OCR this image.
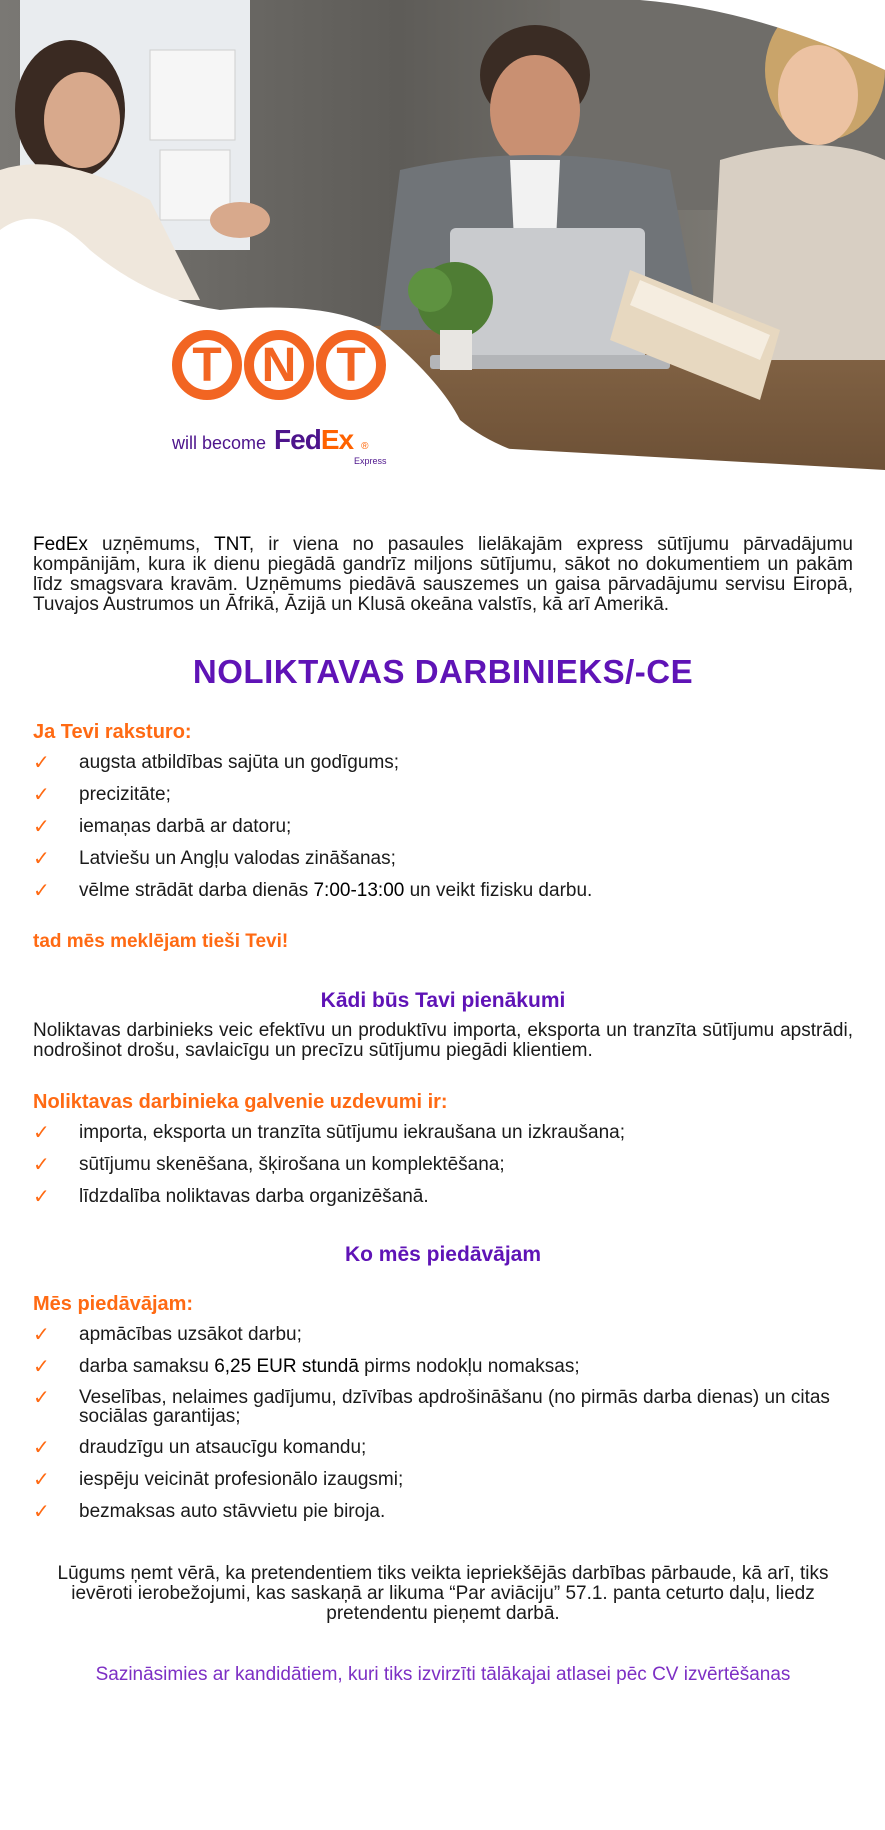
T N T
will become FedEx ®
Express

FedEx uzņēmums, TNT, ir viena no pasaules lielākajām express sūtījumu pārvadājumu kompānijām, kura ik dienu piegādā gandrīz miljons sūtījumu, sākot no dokumentiem un pakām līdz smagsvara kravām. Uzņēmums piedāvā sauszemes un gaisa pārvadājumu servisu Eiropā, Tuvajos Austrumos un Āfrikā, Āzijā un Klusā okeāna valstīs, kā arī Amerikā.

NOLIKTAVAS DARBINIEKS/-CE
Ja Tevi raksturo:
✓ augsta atbildības sajūta un godīgums;
✓ precizitāte;
✓ iemaņas darbā ar datoru;
✓ Latviešu un Angļu valodas zināšanas;
✓ vēlme strādāt darba dienās 7:00-13:00 un veikt fizisku darbu.
tad mēs meklējam tieši Tevi!
Kādi būs Tavi pienākumi

Noliktavas darbinieks veic efektīvu un produktīvu importa, eksporta un tranzīta sūtījumu apstrādi, nodrošinot drošu, savlaicīgu un precīzu sūtījumu piegādi klientiem.

Noliktavas darbinieka galvenie uzdevumi ir:
✓ importa, eksporta un tranzīta sūtījumu iekraušana un izkraušana;
✓ sūtījumu skenēšana, šķirošana un komplektēšana;
✓ līdzdalība noliktavas darba organizēšanā.
Ko mēs piedāvājam
Mēs piedāvājam:
✓ apmācības uzsākot darbu;
✓ darba samaksu 6,25 EUR stundā pirms nodokļu nomaksas;
✓ Veselības, nelaimes gadījumu, dzīvības apdrošināšanu (no pirmās darba dienas) un citas sociālas garantijas;
✓ draudzīgu un atsaucīgu komandu;
✓ iespēju veicināt profesionālo izaugsmi;
✓ bezmaksas auto stāvvietu pie biroja.

Lūgums ņemt vērā, ka pretendentiem tiks veikta iepriekšējās darbības pārbaude, kā arī, tiks ievēroti ierobežojumi, kas saskaņā ar likuma “Par aviāciju” 57.1. panta ceturto daļu, liedz pretendentu pieņemt darbā.

Sazināsimies ar kandidātiem, kuri tiks izvirzīti tālākajai atlasei pēc CV izvērtēšanas
